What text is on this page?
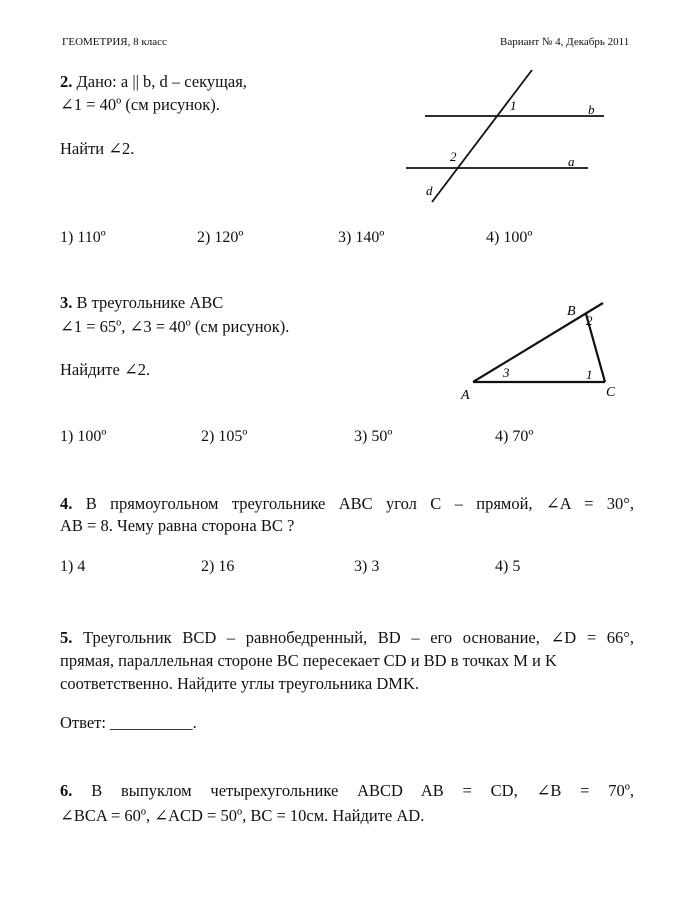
ГЕОМЕТРИЯ, 8 класс	Вариант № 4, Декабрь 2011
2. Дано: a || b, d – секущая,
∠1 = 40º (см рисунок).
Найти ∠2.
1
2
b
a
d
1) 110º	2) 120º	3) 140º	4) 100º
3. В треугольнике ABC
∠1 = 65º, ∠3 = 40º (см рисунок).
Найдите ∠2.
A
B
C
1
2
3
1) 100º	2) 105º	3) 50º	4) 70º
4. В прямоугольном треугольнике ABC угол C – прямой, ∠A = 30°,
AB = 8. Чему равна сторона BC ?
1) 4	2) 16	3) 3	4) 5
5. Треугольник BCD – равнобедренный, BD – его основание, ∠D = 66°,
прямая, параллельная стороне BC пересекает CD и BD в точках M и K
соответственно. Найдите углы треугольника DMK.
Ответ: __________.
6. В выпуклом четырехугольнике ABCD AB = CD, ∠B = 70º,
∠BCA = 60º, ∠ACD = 50º, BC = 10см. Найдите AD.
